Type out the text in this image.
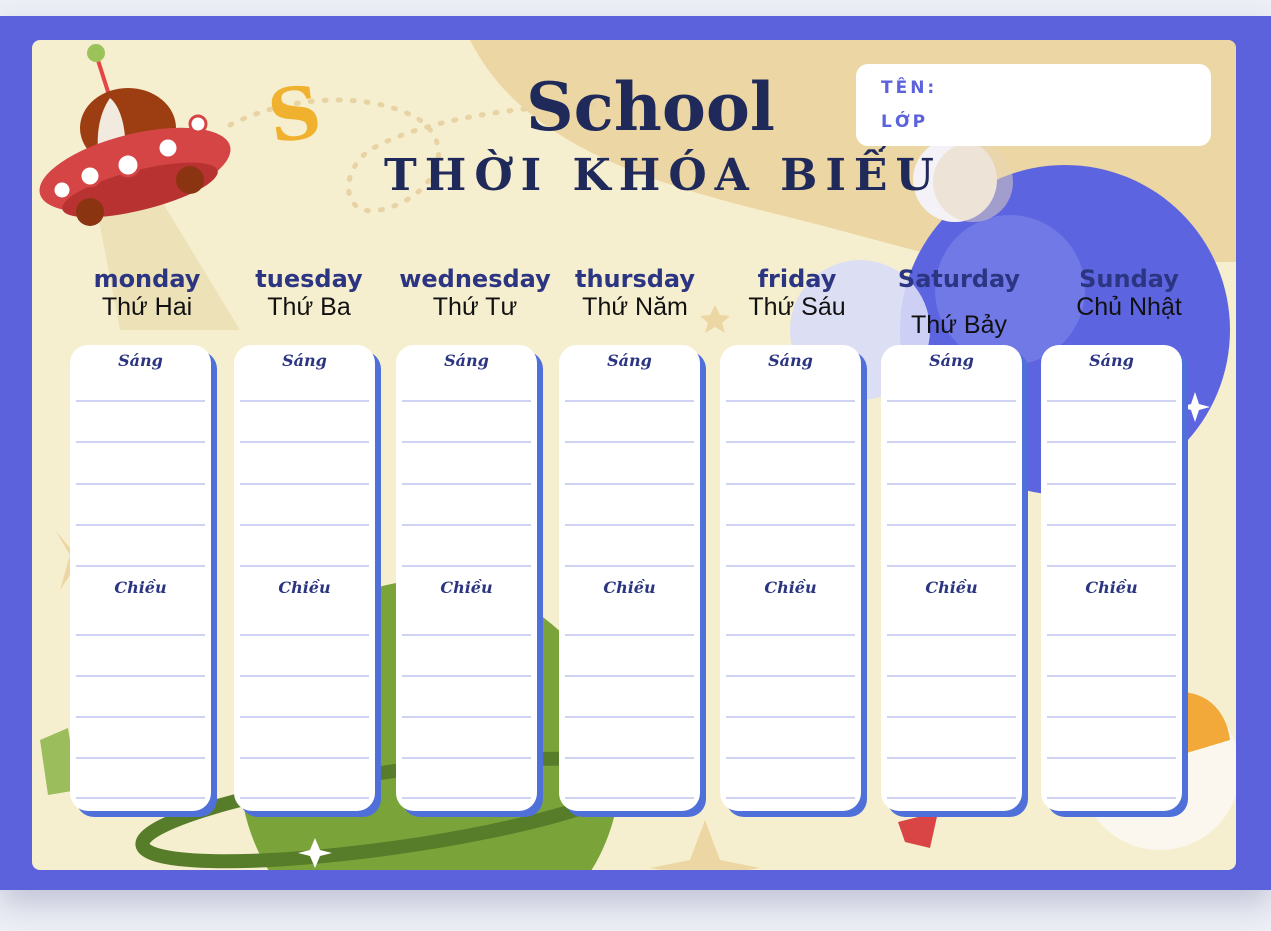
S	School
THỜI KHÓA BIỂU
TÊN:
LỚP
monday
Thứ Hai
tuesday
Thứ Ba
wednesday
Thứ Tư
thursday
Thứ Năm
friday
Thứ Sáu
Saturday
Thứ Bảy
Sunday
Chủ Nhật
Sáng
Chiều
Sáng
Chiều
Sáng
Chiều
Sáng
Chiều
Sáng
Chiều
Sáng
Chiều
Sáng
Chiều
